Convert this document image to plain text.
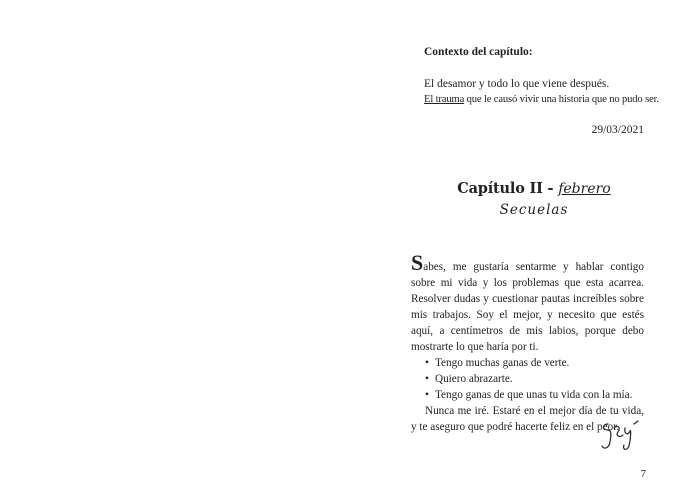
Contexto del capítulo:

El desamor y todo lo que viene después.

El trauma que le causó vivir una historia que no pudo ser.

29/03/2021
Capítulo II - febrero
Secuelas

Sabes, me gustaría sentarme y hablar contigo sobre mi vida y los problemas que esta acarrea. Resolver dudas y cuestionar pautas increíbles sobre mis trabajos. Soy el mejor, y necesito que estés aquí, a centímetros de mis labios, porque debo mostrarte lo que haría por ti.

• Tengo muchas ganas de verte.
• Quiero abrazarte.
• Tengo ganas de que unas tu vida con la mía.

Nunca me iré. Estaré en el mejor día de tu vida, y te aseguro que podré hacerte feliz en el peor.

7
